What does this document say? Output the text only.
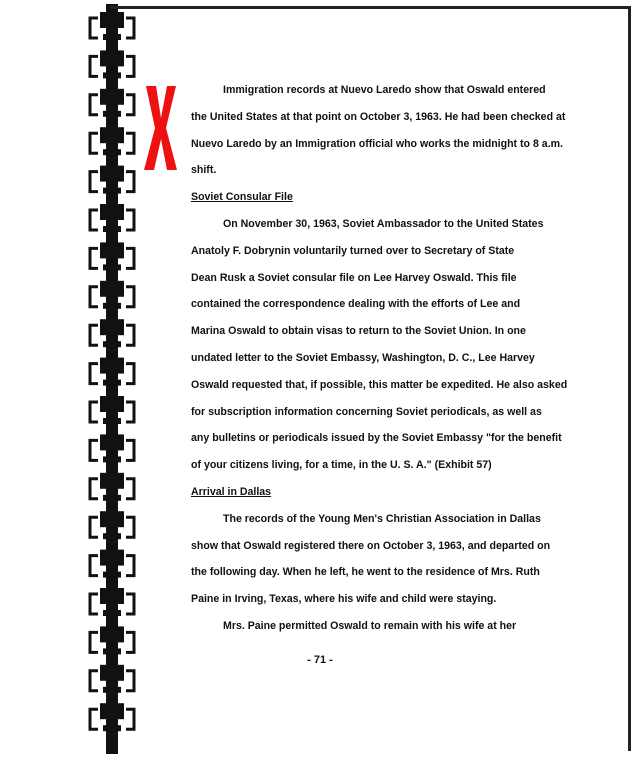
Immigration records at Nuevo Laredo show that Oswald entered
the United States at that point on October 3, 1963. He had been checked at
Nuevo Laredo by an Immigration official who works the midnight to 8 a.m.
shift.
Soviet Consular File
On November 30, 1963, Soviet Ambassador to the United States
Anatoly F. Dobrynin voluntarily turned over to Secretary of State
Dean Rusk a Soviet consular file on Lee Harvey Oswald. This file
contained the correspondence dealing with the efforts of Lee and
Marina Oswald to obtain visas to return to the Soviet Union. In one
undated letter to the Soviet Embassy, Washington, D. C., Lee Harvey
Oswald requested that, if possible, this matter be expedited. He also asked
for subscription information concerning Soviet periodicals, as well as
any bulletins or periodicals issued by the Soviet Embassy "for the benefit
of your citizens living, for a time, in the U. S. A." (Exhibit 57)
Arrival in Dallas
The records of the Young Men's Christian Association in Dallas
show that Oswald registered there on October 3, 1963, and departed on
the following day. When he left, he went to the residence of Mrs. Ruth
Paine in Irving, Texas, where his wife and child were staying.
Mrs. Paine permitted Oswald to remain with his wife at her
- 71 -
